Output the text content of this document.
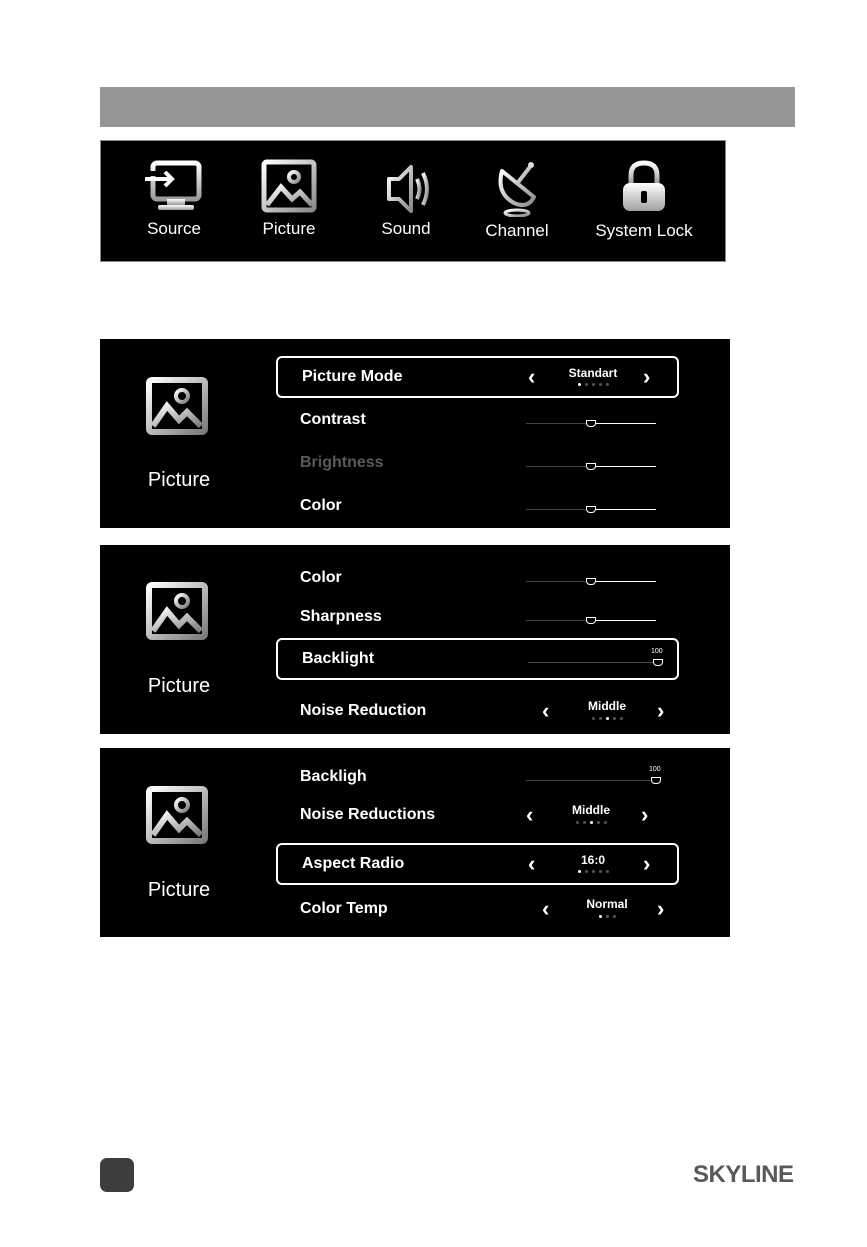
Source	Picture	Sound	Channel	System Lock
Picture
Picture Mode	‹	›
Standart
Contrast
Brightness
Color
Picture
Color
Sharpness
Backlight	100
Noise Reduction	‹	›
Middle
Picture
Backligh	100
Noise Reductions	‹	›
Middle
Aspect Radio	‹	›
16:0
Color Temp	‹	›
Normal
SKYLINE
